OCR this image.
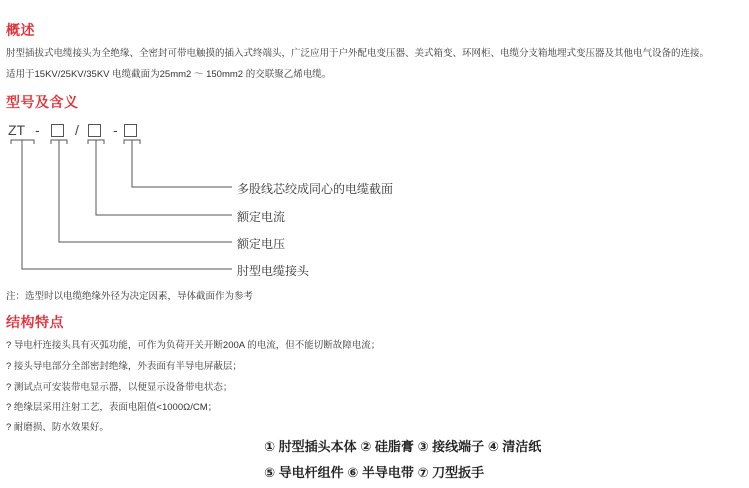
概述
肘型插拔式电缆接头为全绝缘、全密封可带电触摸的插入式终端头，广泛应用于户外配电变压器、美式箱变、环网柜、电缆分支箱地埋式变压器及其他电气设备的连接。
适用于15KV/25KV/35KV 电缆截面为25mm2 ～ 150mm2 的交联聚乙烯电缆。
型号及含义
ZT -	/ -
多股线芯绞成同心的电缆截面
额定电流
额定电压
肘型电缆接头
注：选型时以电缆绝缘外径为决定因素，导体截面作为参考
结构特点
? 导电杆连接头具有灭弧功能，可作为负荷开关开断200A 的电流，但不能切断故障电流；
? 接头导电部分全部密封绝缘，外表面有半导电屏蔽层；
? 测试点可安装带电显示器，以便显示设备带电状态；
? 绝缘层采用注射工艺，表面电阻值<1000Ω/CM；
? 耐磨损、防水效果好。
① 肘型插头本体 ② 硅脂膏 ③ 接线端子 ④ 清洁纸
⑤ 导电杆组件 ⑥ 半导电带 ⑦ 刀型扳手
